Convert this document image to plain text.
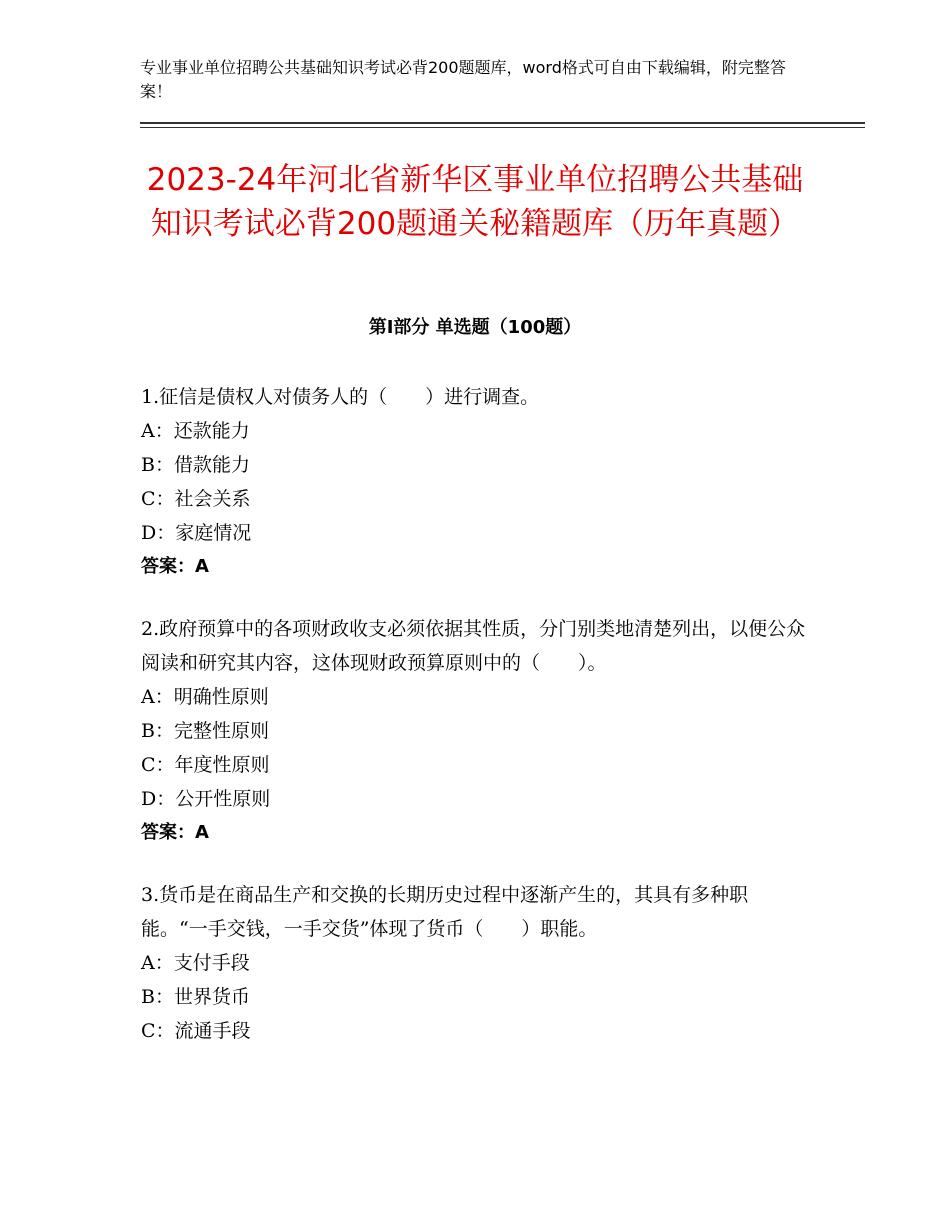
专业事业单位招聘公共基础知识考试必背200题题库，word格式可自由下载编辑，附完整答案！
2023-24年河北省新华区事业单位招聘公共基础知识考试必背200题通关秘籍题库（历年真题）
第Ⅰ部分 单选题（100题）
1.征信是债权人对债务人的（　　）进行调查。
A：还款能力
B：借款能力
C：社会关系
D：家庭情况
答案：A
2.政府预算中的各项财政收支必须依据其性质，分门别类地清楚列出，以便公众阅读和研究其内容，这体现财政预算原则中的（　　）。
A：明确性原则
B：完整性原则
C：年度性原则
D：公开性原则
答案：A
3.货币是在商品生产和交换的长期历史过程中逐渐产生的，其具有多种职能。“一手交钱，一手交货”体现了货币（　　）职能。
A：支付手段
B：世界货币
C：流通手段
